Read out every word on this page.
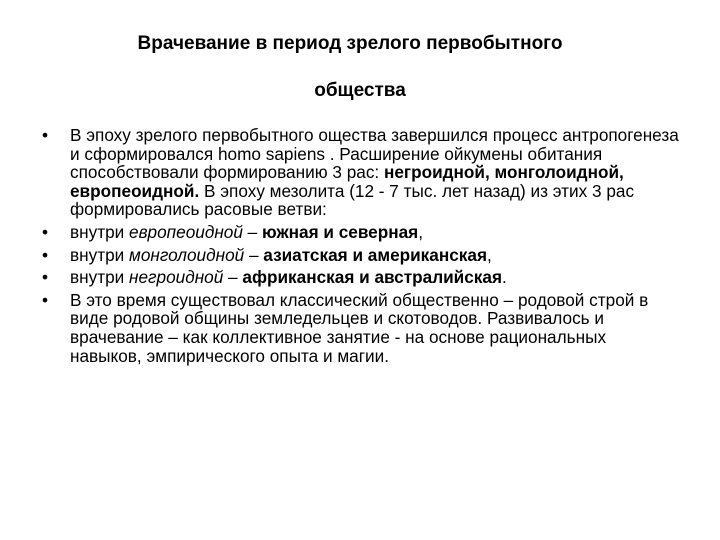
Врачевание в период зрелого первобытного
общества
• В эпоху зрелого первобытного ощества завершился процесс антропогенеза и сформировался homo sapiens . Расширение ойкумены обитания способствовали формированию 3 рас: негроидной, монголоидной, европеоидной. В эпоху мезолита (12 - 7 тыс. лет назад) из этих 3 рас формировались расовые ветви:
• внутри европеоидной – южная и северная,
• внутри монголоидной – азиатская и американская,
• внутри негроидной – африканская и австралийская.
• В это время существовал классический общественно – родовой строй в виде родовой общины земледельцев и скотоводов. Развивалось и врачевание – как коллективное занятие - на основе рациональных навыков, эмпирического опыта и магии.
